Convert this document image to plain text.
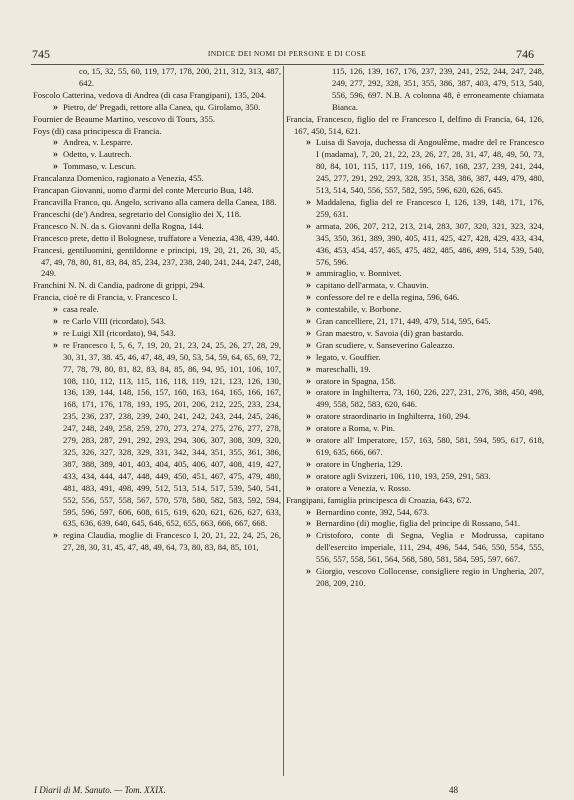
745	INDICE DEI NOMI DI PERSONE E DI COSE	746
co, 15, 32, 55, 60, 119, 177, 178, 200, 211, 312, 313, 487, 642.
Foscolo Catterina, vedova di Andrea (di casa Frangipani), 135, 204.
» Pietro, de' Pregadi, rettore alla Canea, qu. Girolamo, 350.
Fournier de Beaume Martino, vescovo di Tours, 355.
Foys (di) casa principesca di Francia.
» Andrea, v. Lesparre.
» Odetto, v. Lautrech.
» Tommaso, v. Lescun.
Francalanza Domenico, ragionato a Venezia, 455.
Francapan Giovanni, uomo d'armi del conte Mercurio Bua, 148.
Francavilla Franco, qu. Angelo, scrivano alla camera della Canea, 188.
Franceschi (de') Andrea, segretario del Consiglio dei X, 118.
Francesco N. N. da s. Giovanni della Rogna, 144.
Francesco prete, detto il Bolognese, truffatore a Venezia, 438, 439, 440.
Francesi, gentiluomini, gentildonne e principi, 19, 20, 21, 26, 30, 45, 47, 49, 78, 80, 81, 83, 84, 85, 234, 237, 238, 240, 241, 244, 247, 248, 249.
Franchini N. N. di Candia, padrone di grippi, 294.
Francia, cioè re di Francia, v. Francesco I.
» casa reale.
» re Carlo VIII (ricordato), 543.
» re Luigi XII (ricordato), 94, 543.
» re Francesco I, 5, 6, 7, 19, 20, 21, 23, 24, 25, 26, 27, 28, 29, 30, 31, 37, 38. 45, 46, 47, 48, 49, 50, 53, 54, 59, 64, 65, 69, 72, 77, 78, 79, 80, 81, 82, 83, 84, 85, 86, 94, 95, 101, 106, 107, 108, 110, 112, 113, 115, 116, 118, 119, 121, 123, 126, 130, 136, 139, 144, 148, 156, 157, 160, 163, 164, 165, 166, 167, 168, 171, 176, 178, 193, 195, 201, 206, 212, 225, 233, 234, 235, 236, 237, 238, 239, 240, 241, 242, 243, 244, 245, 246, 247, 248, 249, 258, 259, 270, 273, 274, 275, 276, 277, 278, 279, 283, 287, 291, 292, 293, 294, 306, 307, 308, 309, 320, 325, 326, 327, 328, 329, 331, 342, 344, 351, 355, 361, 386, 387, 388, 389, 401, 403, 404, 405, 406, 407, 408, 419, 427, 433, 434, 444, 447, 448, 449, 450, 451, 467, 475, 479, 480, 481, 483, 491, 498, 499, 512, 513, 514, 517, 539, 540, 541, 552, 556, 557, 558, 567, 570, 578, 580, 582, 583, 592, 594, 595, 596, 597, 606, 608, 615, 619, 620, 621, 626, 627, 633, 635, 636, 639, 640, 645, 646, 652, 655, 663, 666, 667, 668.
» regina Claudia, moglie di Francesco I, 20, 21, 22, 24, 25, 26, 27, 28, 30, 31, 45, 47, 48, 49, 64, 73, 80, 83, 84, 85, 101,
115, 126, 139, 167, 176, 237, 239, 241, 252, 244, 247, 248, 249, 277, 292, 328, 351, 355, 386, 387, 403, 479, 513, 540, 556, 596, 697. N.B. A colonna 48, è erroneamente chiamata Bianca.
Francia, Francesco, figlio del re Francesco I, delfino di Francia, 64, 126, 167, 450, 514, 621.
» Luisa di Savoja, duchessa di Angoulême, madre del re Francesco I (madama), 7, 20, 21, 22, 23, 26, 27, 28, 31, 47, 48, 49, 50, 73, 80, 84, 101, 115, 117, 119, 166, 167, 168, 237, 239, 241, 244, 245, 277, 291, 292, 293, 328, 351, 358, 386, 387, 449, 479, 480, 513, 514, 540, 556, 557, 582, 595, 596, 620, 626, 645.
» Maddalena, figlia del re Francesco I, 126, 139, 148, 171, 176, 259, 631.
» armata, 206, 207, 212, 213, 214, 283, 307, 320, 321, 323, 324, 345, 350, 361, 389, 390, 405, 411, 425, 427, 428, 429, 433, 434, 436, 453, 454, 457, 465, 475, 482, 485, 486, 499, 514, 539, 540, 576, 596.
» ammiraglio, v. Bonnivet.
» capitano dell'armata, v. Chauvin.
» confessore del re e della regina, 596, 646.
» contestabile, v. Borbone.
» Gran cancelliere, 21, 171, 449, 479, 514, 595, 645.
» Gran maestro, v. Savoia (di) gran bastardo.
» Gran scudiere, v. Sanseverino Galeazzo.
» legato, v. Gouffier.
» mareschalli, 19.
» oratore in Spagna, 158.
» oratore in Inghilterra, 73, 160, 226, 227, 231, 276, 388, 450, 498, 499, 558, 582, 583, 620, 646.
» oratore straordinario in Inghilterra, 160, 294.
» oratore a Roma, v. Pin.
» oratore all' Imperatore, 157, 163, 580, 581, 594, 595, 617, 618, 619, 635, 666, 667.
» oratore in Ungheria, 129.
» oratore agli Svizzeri, 106, 110, 193, 259, 291, 583.
» oratore a Venezia, v. Rosso.
Frangipani, famiglia principesca di Croazia, 643, 672.
» Bernardino conte, 392, 544, 673.
» Bernardino (di) moglie, figlia del principe di Rossano, 541.
» Cristoforo, conte di Segna, Veglia e Modrussa, capitano dell'esercito imperiale, 111, 294, 496, 544, 546, 550, 554, 555, 556, 557, 558, 561, 564, 568, 580, 581, 584, 595, 597, 667.
» Giorgio, vescovo Collocense, consigliere regio in Ungheria, 207, 208, 209, 210.
I Diarii di M. Sanuto. — Tom. XXIX.	48
